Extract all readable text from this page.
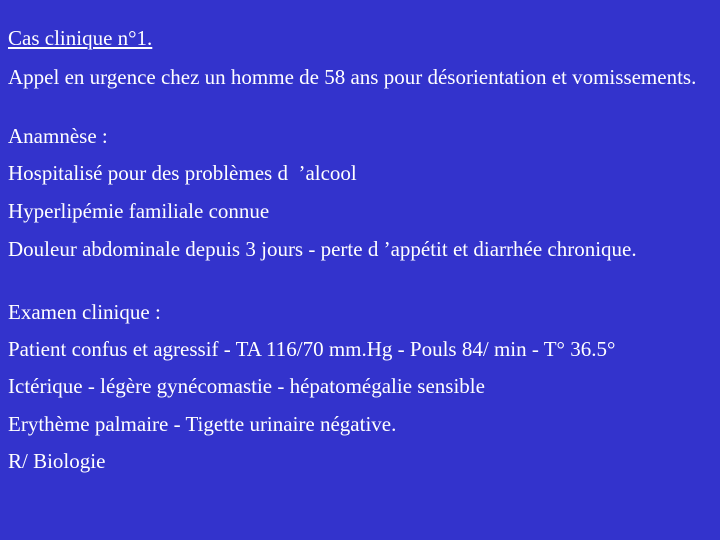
Cas clinique n°1.
Appel en urgence chez un homme de 58 ans pour désorientation et vomissements.
Anamnèse :
Hospitalisé pour des problèmes d  ’alcool
Hyperlipémie familiale connue
Douleur abdominale depuis 3 jours - perte d ’appétit et diarrhée chronique.
Examen clinique :
Patient confus et agressif - TA 116/70 mm.Hg - Pouls 84/ min - T° 36.5°
Ictérique - légère gynécomastie - hépatomégalie sensible
Erythème palmaire - Tigette urinaire négative.
R/ Biologie
